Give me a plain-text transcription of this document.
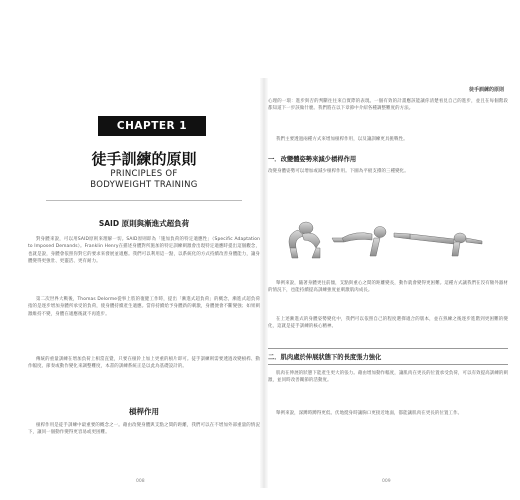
CHAPTER 1
徒手訓練的原則
PRINCIPLES OF
BODYWEIGHT TRAINING
SAID 原則與漸進式超負荷
對身體來說，可以用SAID原則來理解一切。SAID原則即為「施加負荷的特定適應性」（Specific Adaptation to Imposed Demands）。Franklin Henry在描述身體對所施加的特定訓練刺激會出現特定適應時提出這個觀念，也就是說，身體會依照你對它的要求來發展並適應。我們可以利用這一點，以系統化的方式持續改善身體能力，讓身體變得更強壯、更靈活、更有耐力。
第二次世界大戰後，Thomas Delorme從事上肢的復健工作時，提出「漸進式超負荷」的概念，漸進式超負荷指的是逐步增加身體所承受的負荷，使身體持續產生適應。當你持續給予身體新的刺激，身體便會不斷變強；如果刺激維持不變，身體在適應後就不再進步。
傳統的重量訓練在增加負荷上相當直覺，只要在槓鈴上加上更重的槓片即可。徒手訓練則需要透過改變槓桿、動作幅度、節奏或動作變化來調整難度，本書的訓練系統正是以此為基礎設計的。
槓桿作用
槓桿作用是徒手訓練中最重要的概念之一。藉由改變身體與支點之間的距離，我們可以在不增加外部重量的情況下，讓同一個動作變得更容易或更困難。
008
徒手訓練的原則
心理的一環：進步與否的判斷往往來自實際的表現。一個有效的計畫應該能讓你清楚看見自己的進步，並且在每個階段都知道下一步該做什麼。我們將在以下章節中介紹各種調整難度的方法。
我們主要透過兩種方式來增加槓桿作用，以及讓訓練更具挑戰性。
一．改變體姿勢來減少槓桿作用
改變身體姿勢可以增加或減少槓桿作用。下圖為平板支撐的三種變化。
舉例來說，隨著身體更往前傾，支點與重心之間的距離變長，動作就會變得更困難。這種方式讓我們在沒有額外器材的情況下，也能持續提高訓練強度並刺激肌肉成長。
在上述漸進式的身體姿勢變化中，我們可以依照自己的程度選擇適合的版本，並在熟練之後逐步進階到更困難的變化，這就是徒手訓練的核心精神。
二．肌肉處於伸展狀態下的長度張力強化
肌肉在伸展的狀態下能產生更大的張力。藉由增加動作幅度，讓肌肉在更長的位置承受負荷，可以有效提高訓練的刺激，並同時改善關節的活動度。
舉例來說，深蹲時蹲得更低、伏地挺身時讓胸口更接近地面，都能讓肌肉在更長的位置工作。
009
